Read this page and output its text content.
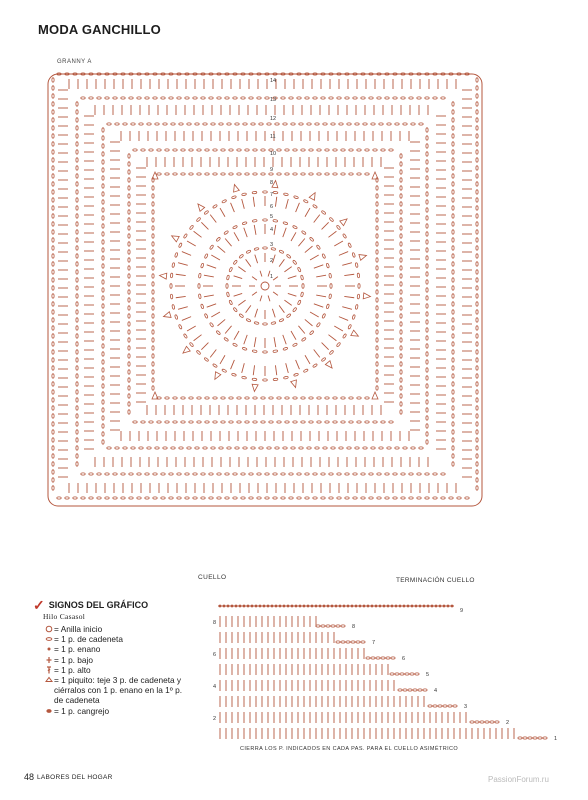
MODA GANCHILLO
GRANNY A
1
2
3
4
5
6
7
8
9
10
11
12
13
14
CUELLO	TERMINACIÓN CUELLO
1
2
2
3
4
4
5
6
6
7
8
8
9
CIERRA LOS P. INDICADOS EN CADA PAS. PARA EL CUELLO ASIMÉTRICO
✓ SIGNOS DEL GRÁFICO
Hilo Casasol
= Anilla inicio
= 1 p. de cadeneta
= 1 p. enano
= 1 p. bajo
= 1 p. alto
= 1 piquito: teje 3 p. de cadeneta y ciérralos con 1 p. enano en la 1º p. de cadeneta
= 1 p. cangrejo
48 LABORES DEL HOGAR	PassionForum.ru
